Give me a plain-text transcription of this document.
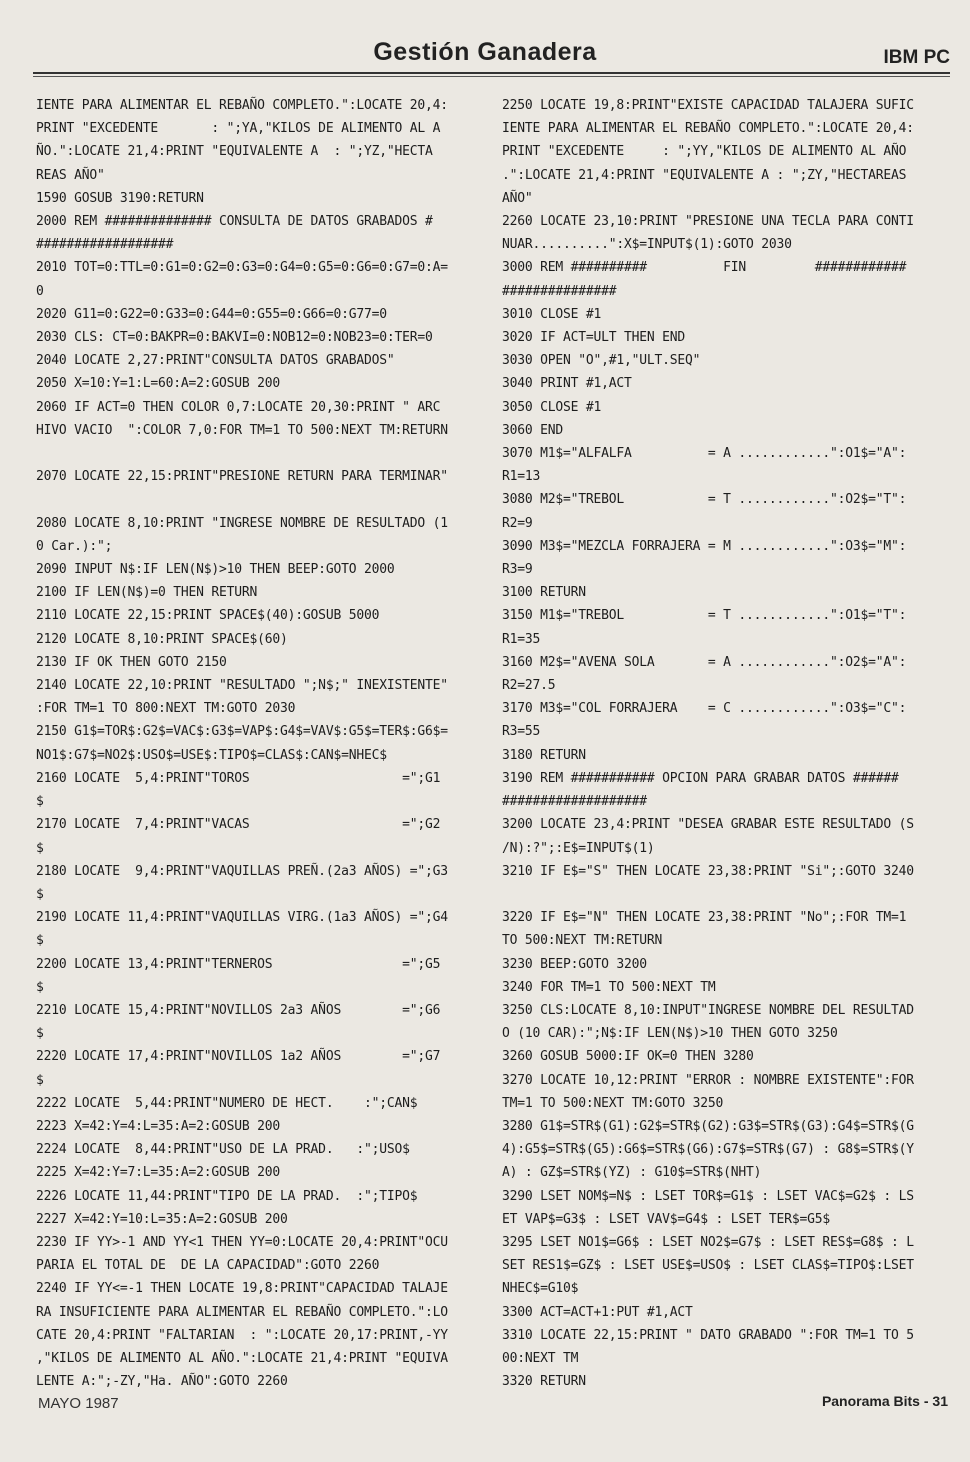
Gestión Ganadera	IBM PC
IENTE PARA ALIMENTAR EL REBAÑO COMPLETO.":LOCATE 20,4:
PRINT "EXCEDENTE       : ";YA,"KILOS DE ALIMENTO AL A
ÑO.":LOCATE 21,4:PRINT "EQUIVALENTE A  : ";YZ,"HECTA
REAS AÑO"
1590 GOSUB 3190:RETURN
2000 REM ############## CONSULTA DE DATOS GRABADOS #
##################
2010 TOT=0:TTL=0:G1=0:G2=0:G3=0:G4=0:G5=0:G6=0:G7=0:A=
0
2020 G11=0:G22=0:G33=0:G44=0:G55=0:G66=0:G77=0
2030 CLS: CT=0:BAKPR=0:BAKVI=0:NOB12=0:NOB23=0:TER=0
2040 LOCATE 2,27:PRINT"CONSULTA DATOS GRABADOS"
2050 X=10:Y=1:L=60:A=2:GOSUB 200
2060 IF ACT=0 THEN COLOR 0,7:LOCATE 20,30:PRINT " ARC
HIVO VACIO  ":COLOR 7,0:FOR TM=1 TO 500:NEXT TM:RETURN

2070 LOCATE 22,15:PRINT"PRESIONE RETURN PARA TERMINAR"

2080 LOCATE 8,10:PRINT "INGRESE NOMBRE DE RESULTADO (1
0 Car.):";
2090 INPUT N$:IF LEN(N$)>10 THEN BEEP:GOTO 2000
2100 IF LEN(N$)=0 THEN RETURN
2110 LOCATE 22,15:PRINT SPACE$(40):GOSUB 5000
2120 LOCATE 8,10:PRINT SPACE$(60)
2130 IF OK THEN GOTO 2150
2140 LOCATE 22,10:PRINT "RESULTADO ";N$;" INEXISTENTE"
:FOR TM=1 TO 800:NEXT TM:GOTO 2030
2150 G1$=TOR$:G2$=VAC$:G3$=VAP$:G4$=VAV$:G5$=TER$:G6$=
NO1$:G7$=NO2$:USO$=USE$:TIPO$=CLAS$:CAN$=NHEC$
2160 LOCATE  5,4:PRINT"TOROS                    =";G1
$
2170 LOCATE  7,4:PRINT"VACAS                    =";G2
$
2180 LOCATE  9,4:PRINT"VAQUILLAS PREÑ.(2a3 AÑOS) =";G3
$
2190 LOCATE 11,4:PRINT"VAQUILLAS VIRG.(1a3 AÑOS) =";G4
$
2200 LOCATE 13,4:PRINT"TERNEROS                 =";G5
$
2210 LOCATE 15,4:PRINT"NOVILLOS 2a3 AÑOS        =";G6
$
2220 LOCATE 17,4:PRINT"NOVILLOS 1a2 AÑOS        =";G7
$
2222 LOCATE  5,44:PRINT"NUMERO DE HECT.    :";CAN$
2223 X=42:Y=4:L=35:A=2:GOSUB 200
2224 LOCATE  8,44:PRINT"USO DE LA PRAD.   :";USO$
2225 X=42:Y=7:L=35:A=2:GOSUB 200
2226 LOCATE 11,44:PRINT"TIPO DE LA PRAD.  :";TIPO$
2227 X=42:Y=10:L=35:A=2:GOSUB 200
2230 IF YY>-1 AND YY<1 THEN YY=0:LOCATE 20,4:PRINT"OCU
PARIA EL TOTAL DE  DE LA CAPACIDAD":GOTO 2260
2240 IF YY<=-1 THEN LOCATE 19,8:PRINT"CAPACIDAD TALAJE
RA INSUFICIENTE PARA ALIMENTAR EL REBAÑO COMPLETO.":LO
CATE 20,4:PRINT "FALTARIAN  : ":LOCATE 20,17:PRINT,-YY
,"KILOS DE ALIMENTO AL AÑO.":LOCATE 21,4:PRINT "EQUIVA
LENTE A:";-ZY,"Ha. AÑO":GOTO 2260
2250 LOCATE 19,8:PRINT"EXISTE CAPACIDAD TALAJERA SUFIC
IENTE PARA ALIMENTAR EL REBAÑO COMPLETO.":LOCATE 20,4:
PRINT "EXCEDENTE     : ";YY,"KILOS DE ALIMENTO AL AÑO
.":LOCATE 21,4:PRINT "EQUIVALENTE A : ";ZY,"HECTAREAS
AÑO"
2260 LOCATE 23,10:PRINT "PRESIONE UNA TECLA PARA CONTI
NUAR..........":X$=INPUT$(1):GOTO 2030
3000 REM ##########          FIN         ############
###############
3010 CLOSE #1
3020 IF ACT=ULT THEN END
3030 OPEN "O",#1,"ULT.SEQ"
3040 PRINT #1,ACT
3050 CLOSE #1
3060 END
3070 M1$="ALFALFA          = A ............":O1$="A":
R1=13
3080 M2$="TREBOL           = T ............":O2$="T":
R2=9
3090 M3$="MEZCLA FORRAJERA = M ............":O3$="M":
R3=9
3100 RETURN
3150 M1$="TREBOL           = T ............":O1$="T":
R1=35
3160 M2$="AVENA SOLA       = A ............":O2$="A":
R2=27.5
3170 M3$="COL FORRAJERA    = C ............":O3$="C":
R3=55
3180 RETURN
3190 REM ########### OPCION PARA GRABAR DATOS ######
###################
3200 LOCATE 23,4:PRINT "DESEA GRABAR ESTE RESULTADO (S
/N):?";:E$=INPUT$(1)
3210 IF E$="S" THEN LOCATE 23,38:PRINT "Si";:GOTO 3240

3220 IF E$="N" THEN LOCATE 23,38:PRINT "No";:FOR TM=1
TO 500:NEXT TM:RETURN
3230 BEEP:GOTO 3200
3240 FOR TM=1 TO 500:NEXT TM
3250 CLS:LOCATE 8,10:INPUT"INGRESE NOMBRE DEL RESULTAD
O (10 CAR):";N$:IF LEN(N$)>10 THEN GOTO 3250
3260 GOSUB 5000:IF OK=0 THEN 3280
3270 LOCATE 10,12:PRINT "ERROR : NOMBRE EXISTENTE":FOR
TM=1 TO 500:NEXT TM:GOTO 3250
3280 G1$=STR$(G1):G2$=STR$(G2):G3$=STR$(G3):G4$=STR$(G
4):G5$=STR$(G5):G6$=STR$(G6):G7$=STR$(G7) : G8$=STR$(Y
A) : GZ$=STR$(YZ) : G10$=STR$(NHT)
3290 LSET NOM$=N$ : LSET TOR$=G1$ : LSET VAC$=G2$ : LS
ET VAP$=G3$ : LSET VAV$=G4$ : LSET TER$=G5$
3295 LSET NO1$=G6$ : LSET NO2$=G7$ : LSET RES$=G8$ : L
SET RES1$=GZ$ : LSET USE$=USO$ : LSET CLAS$=TIPO$:LSET
NHEC$=G10$
3300 ACT=ACT+1:PUT #1,ACT
3310 LOCATE 22,15:PRINT " DATO GRABADO ":FOR TM=1 TO 5
00:NEXT TM
3320 RETURN
MAYO 1987	Panorama Bits - 31
